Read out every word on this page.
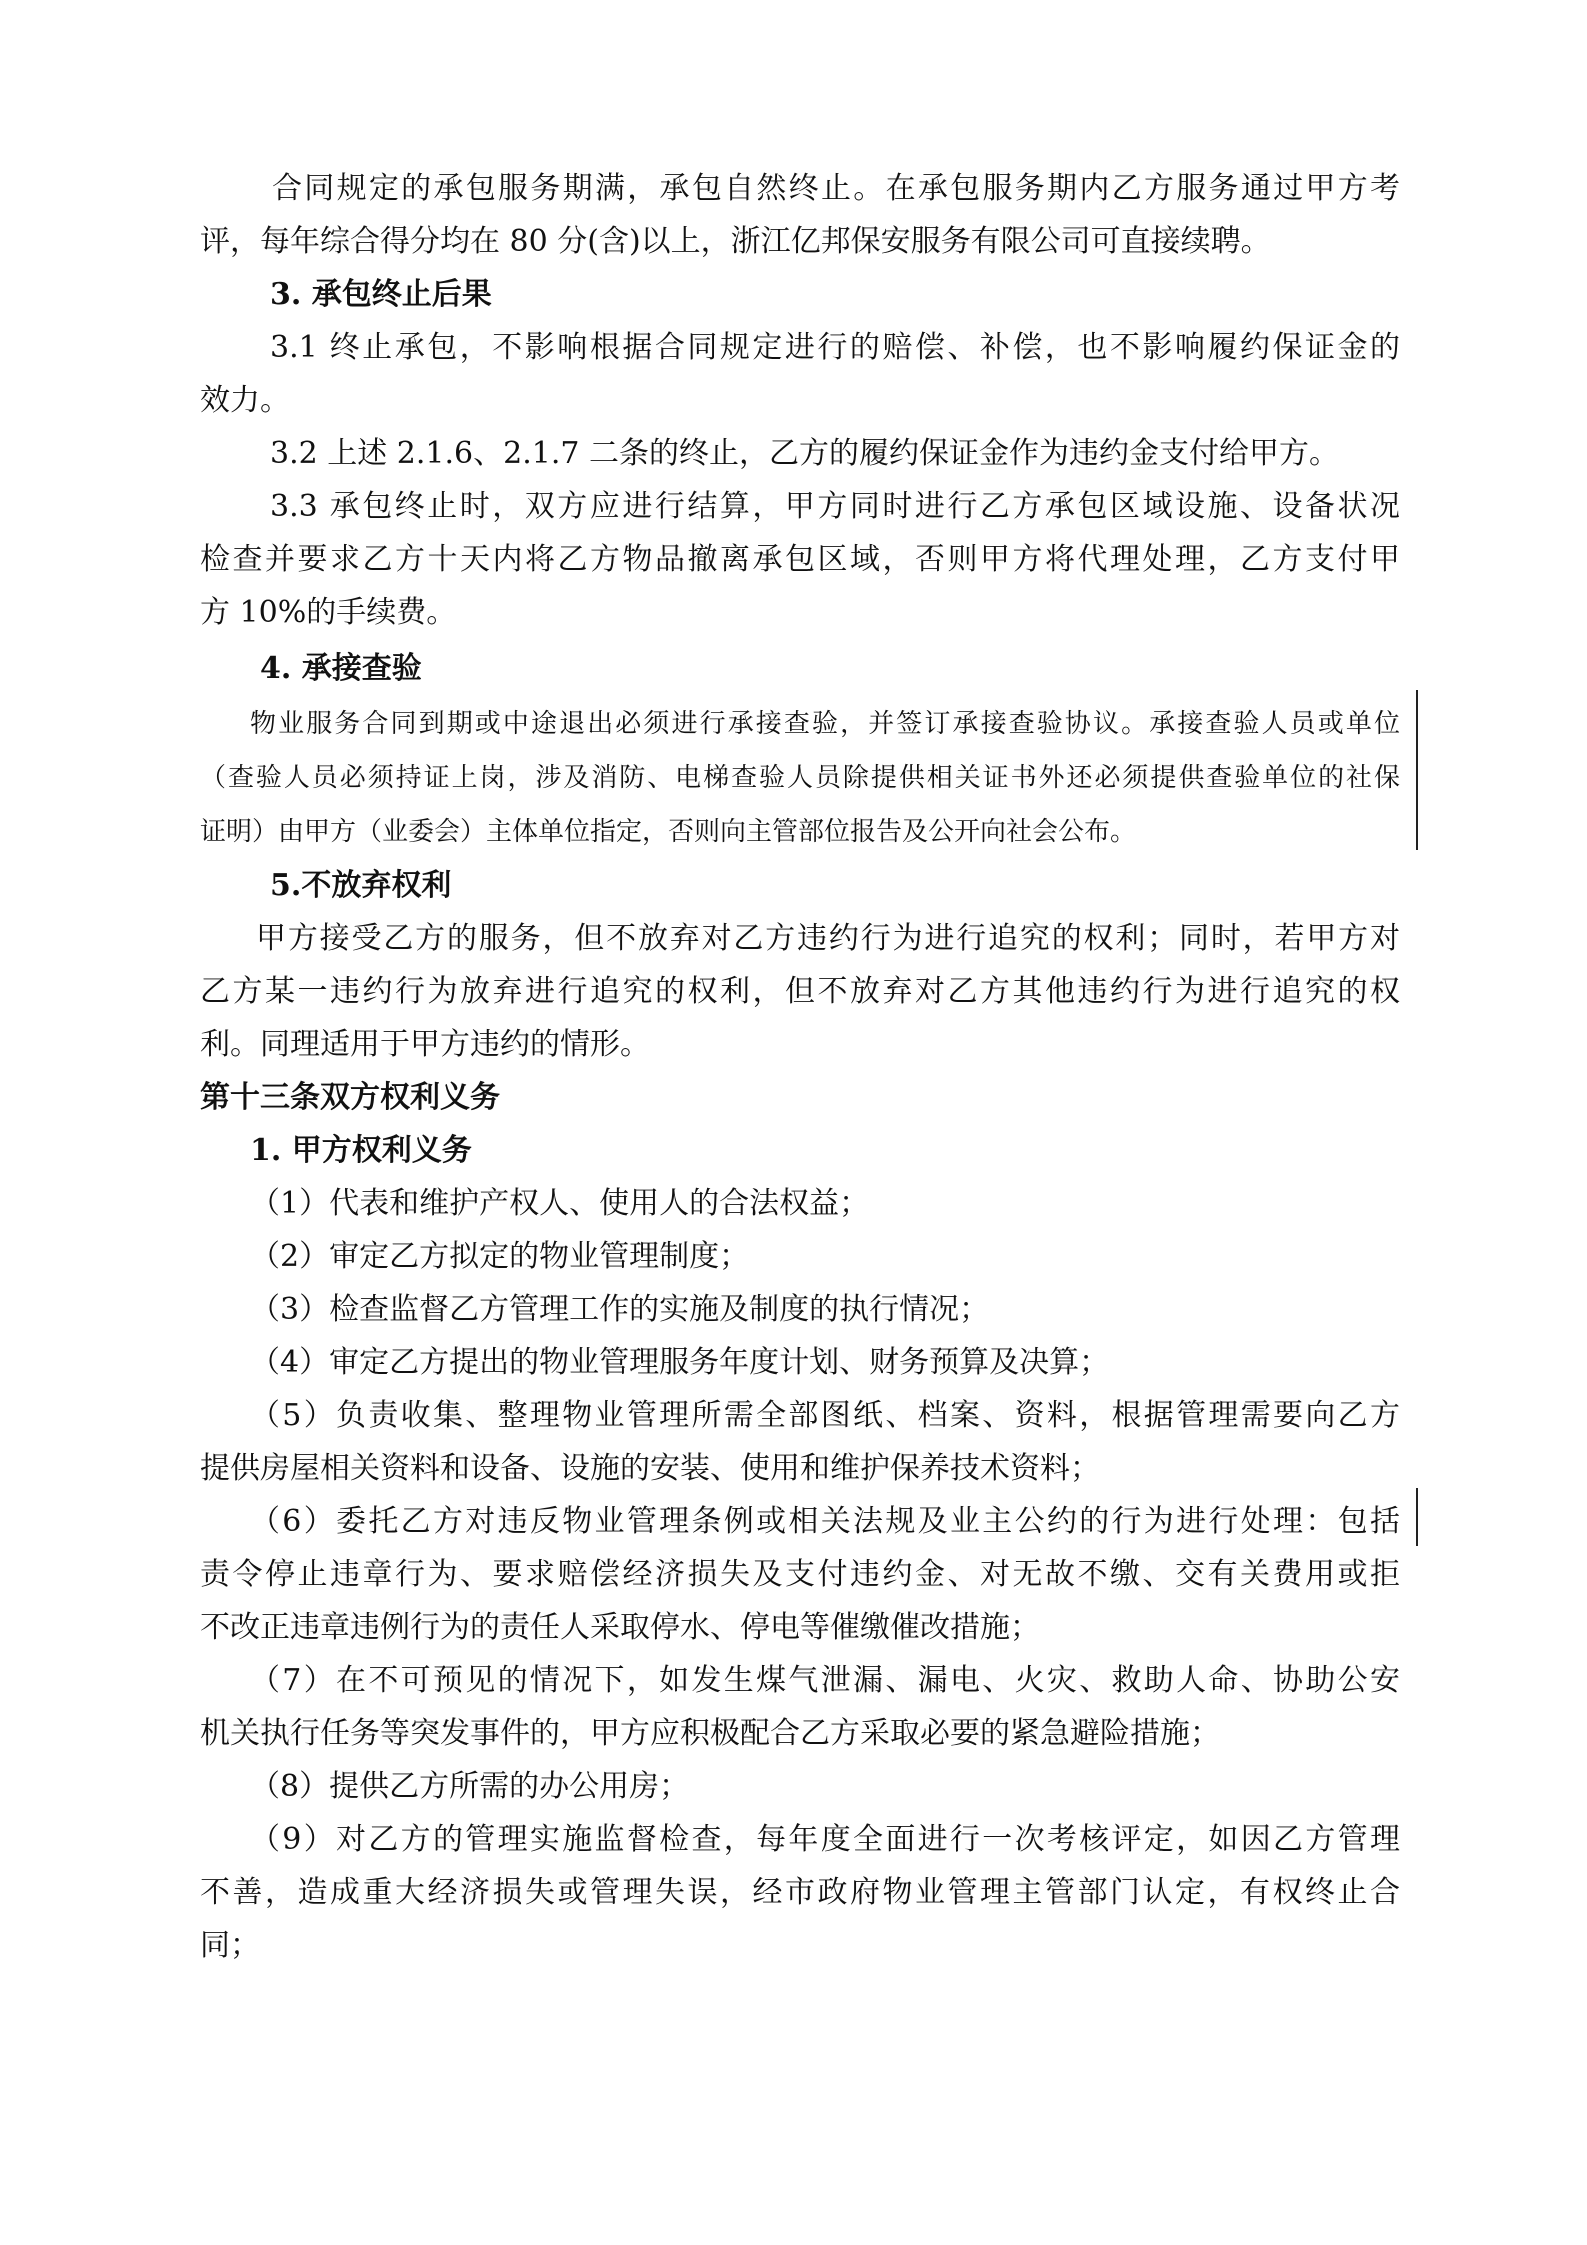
合同规定的承包服务期满，承包自然终止。在承包服务期内乙方服务通过甲方考
评，每年综合得分均在 80 分(含)以上，浙江亿邦保安服务有限公司可直接续聘。
3. 承包终止后果
3.1 终止承包，不影响根据合同规定进行的赔偿、补偿，也不影响履约保证金的
效力。
3.2 上述 2.1.6、2.1.7 二条的终止，乙方的履约保证金作为违约金支付给甲方。
3.3 承包终止时，双方应进行结算，甲方同时进行乙方承包区域设施、设备状况
检查并要求乙方十天内将乙方物品撤离承包区域，否则甲方将代理处理，乙方支付甲
方 10%的手续费。
4. 承接查验
物业服务合同到期或中途退出必须进行承接查验，并签订承接查验协议。承接查验人员或单位
（查验人员必须持证上岗，涉及消防、电梯查验人员除提供相关证书外还必须提供查验单位的社保
证明）由甲方（业委会）主体单位指定，否则向主管部位报告及公开向社会公布。
5.不放弃权利
甲方接受乙方的服务，但不放弃对乙方违约行为进行追究的权利；同时，若甲方对
乙方某一违约行为放弃进行追究的权利，但不放弃对乙方其他违约行为进行追究的权
利。同理适用于甲方违约的情形。
第十三条双方权利义务
1. 甲方权利义务
（1）代表和维护产权人、使用人的合法权益；
（2）审定乙方拟定的物业管理制度；
（3）检查监督乙方管理工作的实施及制度的执行情况；
（4）审定乙方提出的物业管理服务年度计划、财务预算及决算；
（5）负责收集、整理物业管理所需全部图纸、档案、资料，根据管理需要向乙方
提供房屋相关资料和设备、设施的安装、使用和维护保养技术资料；
（6）委托乙方对违反物业管理条例或相关法规及业主公约的行为进行处理：包括
责令停止违章行为、要求赔偿经济损失及支付违约金、对无故不缴、交有关费用或拒
不改正违章违例行为的责任人采取停水、停电等催缴催改措施；
（7）在不可预见的情况下，如发生煤气泄漏、漏电、火灾、救助人命、协助公安
机关执行任务等突发事件的，甲方应积极配合乙方采取必要的紧急避险措施；
（8）提供乙方所需的办公用房；
（9）对乙方的管理实施监督检查，每年度全面进行一次考核评定，如因乙方管理
不善，造成重大经济损失或管理失误，经市政府物业管理主管部门认定，有权终止合
同；
